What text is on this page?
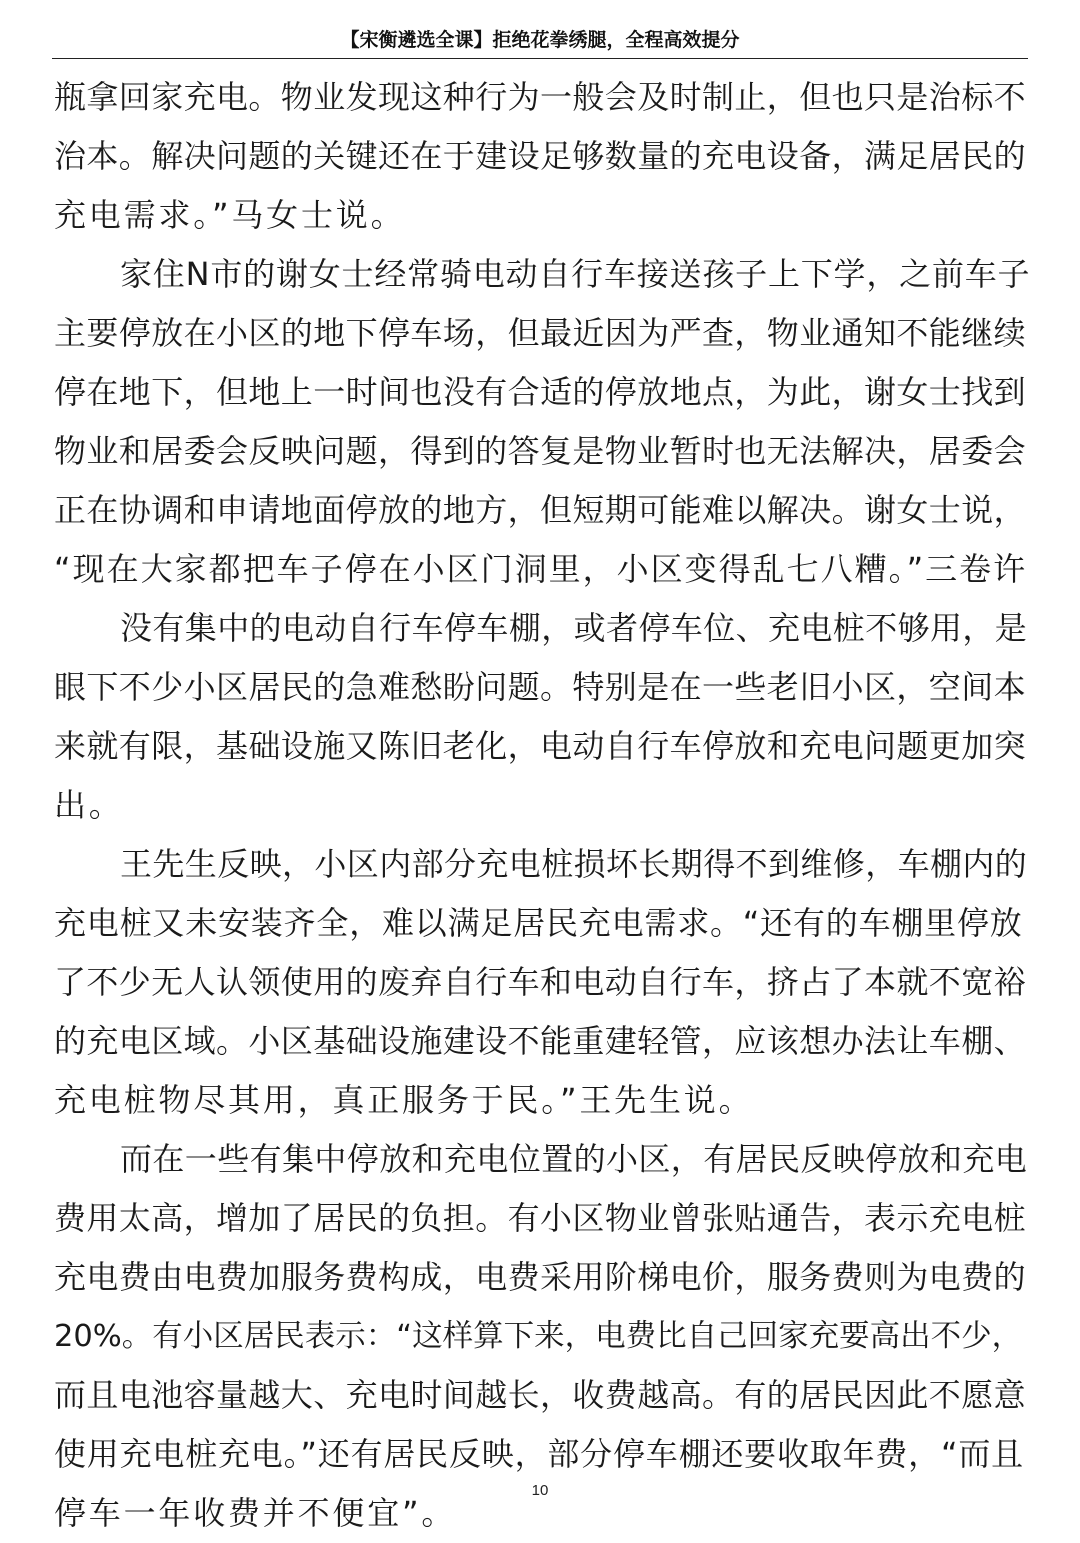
【宋衡遴选全课】拒绝花拳绣腿，全程高效提分
瓶拿回家充电。物业发现这种行为一般会及时制止，但也只是治标不
治本。解决问题的关键还在于建设足够数量的充电设备，满足居民的
充电需求。”马女士说。
家住N市的谢女士经常骑电动自行车接送孩子上下学，之前车子
主要停放在小区的地下停车场，但最近因为严查，物业通知不能继续
停在地下，但地上一时间也没有合适的停放地点，为此，谢女士找到
物业和居委会反映问题，得到的答复是物业暂时也无法解决，居委会
正在协调和申请地面停放的地方，但短期可能难以解决。谢女士说，
“现在大家都把车子停在小区门洞里，小区变得乱七八糟。”三卷许
没有集中的电动自行车停车棚，或者停车位、充电桩不够用，是
眼下不少小区居民的急难愁盼问题。特别是在一些老旧小区，空间本
来就有限，基础设施又陈旧老化，电动自行车停放和充电问题更加突
出。
王先生反映，小区内部分充电桩损坏长期得不到维修，车棚内的
充电桩又未安装齐全，难以满足居民充电需求。“还有的车棚里停放
了不少无人认领使用的废弃自行车和电动自行车，挤占了本就不宽裕
的充电区域。小区基础设施建设不能重建轻管，应该想办法让车棚、
充电桩物尽其用，真正服务于民。”王先生说。
而在一些有集中停放和充电位置的小区，有居民反映停放和充电
费用太高，增加了居民的负担。有小区物业曾张贴通告，表示充电桩
充电费由电费加服务费构成，电费采用阶梯电价，服务费则为电费的
20%。有小区居民表示：“这样算下来，电费比自己回家充要高出不少，
而且电池容量越大、充电时间越长，收费越高。有的居民因此不愿意
使用充电桩充电。”还有居民反映，部分停车棚还要收取年费，“而且
停车一年收费并不便宜”。
10
